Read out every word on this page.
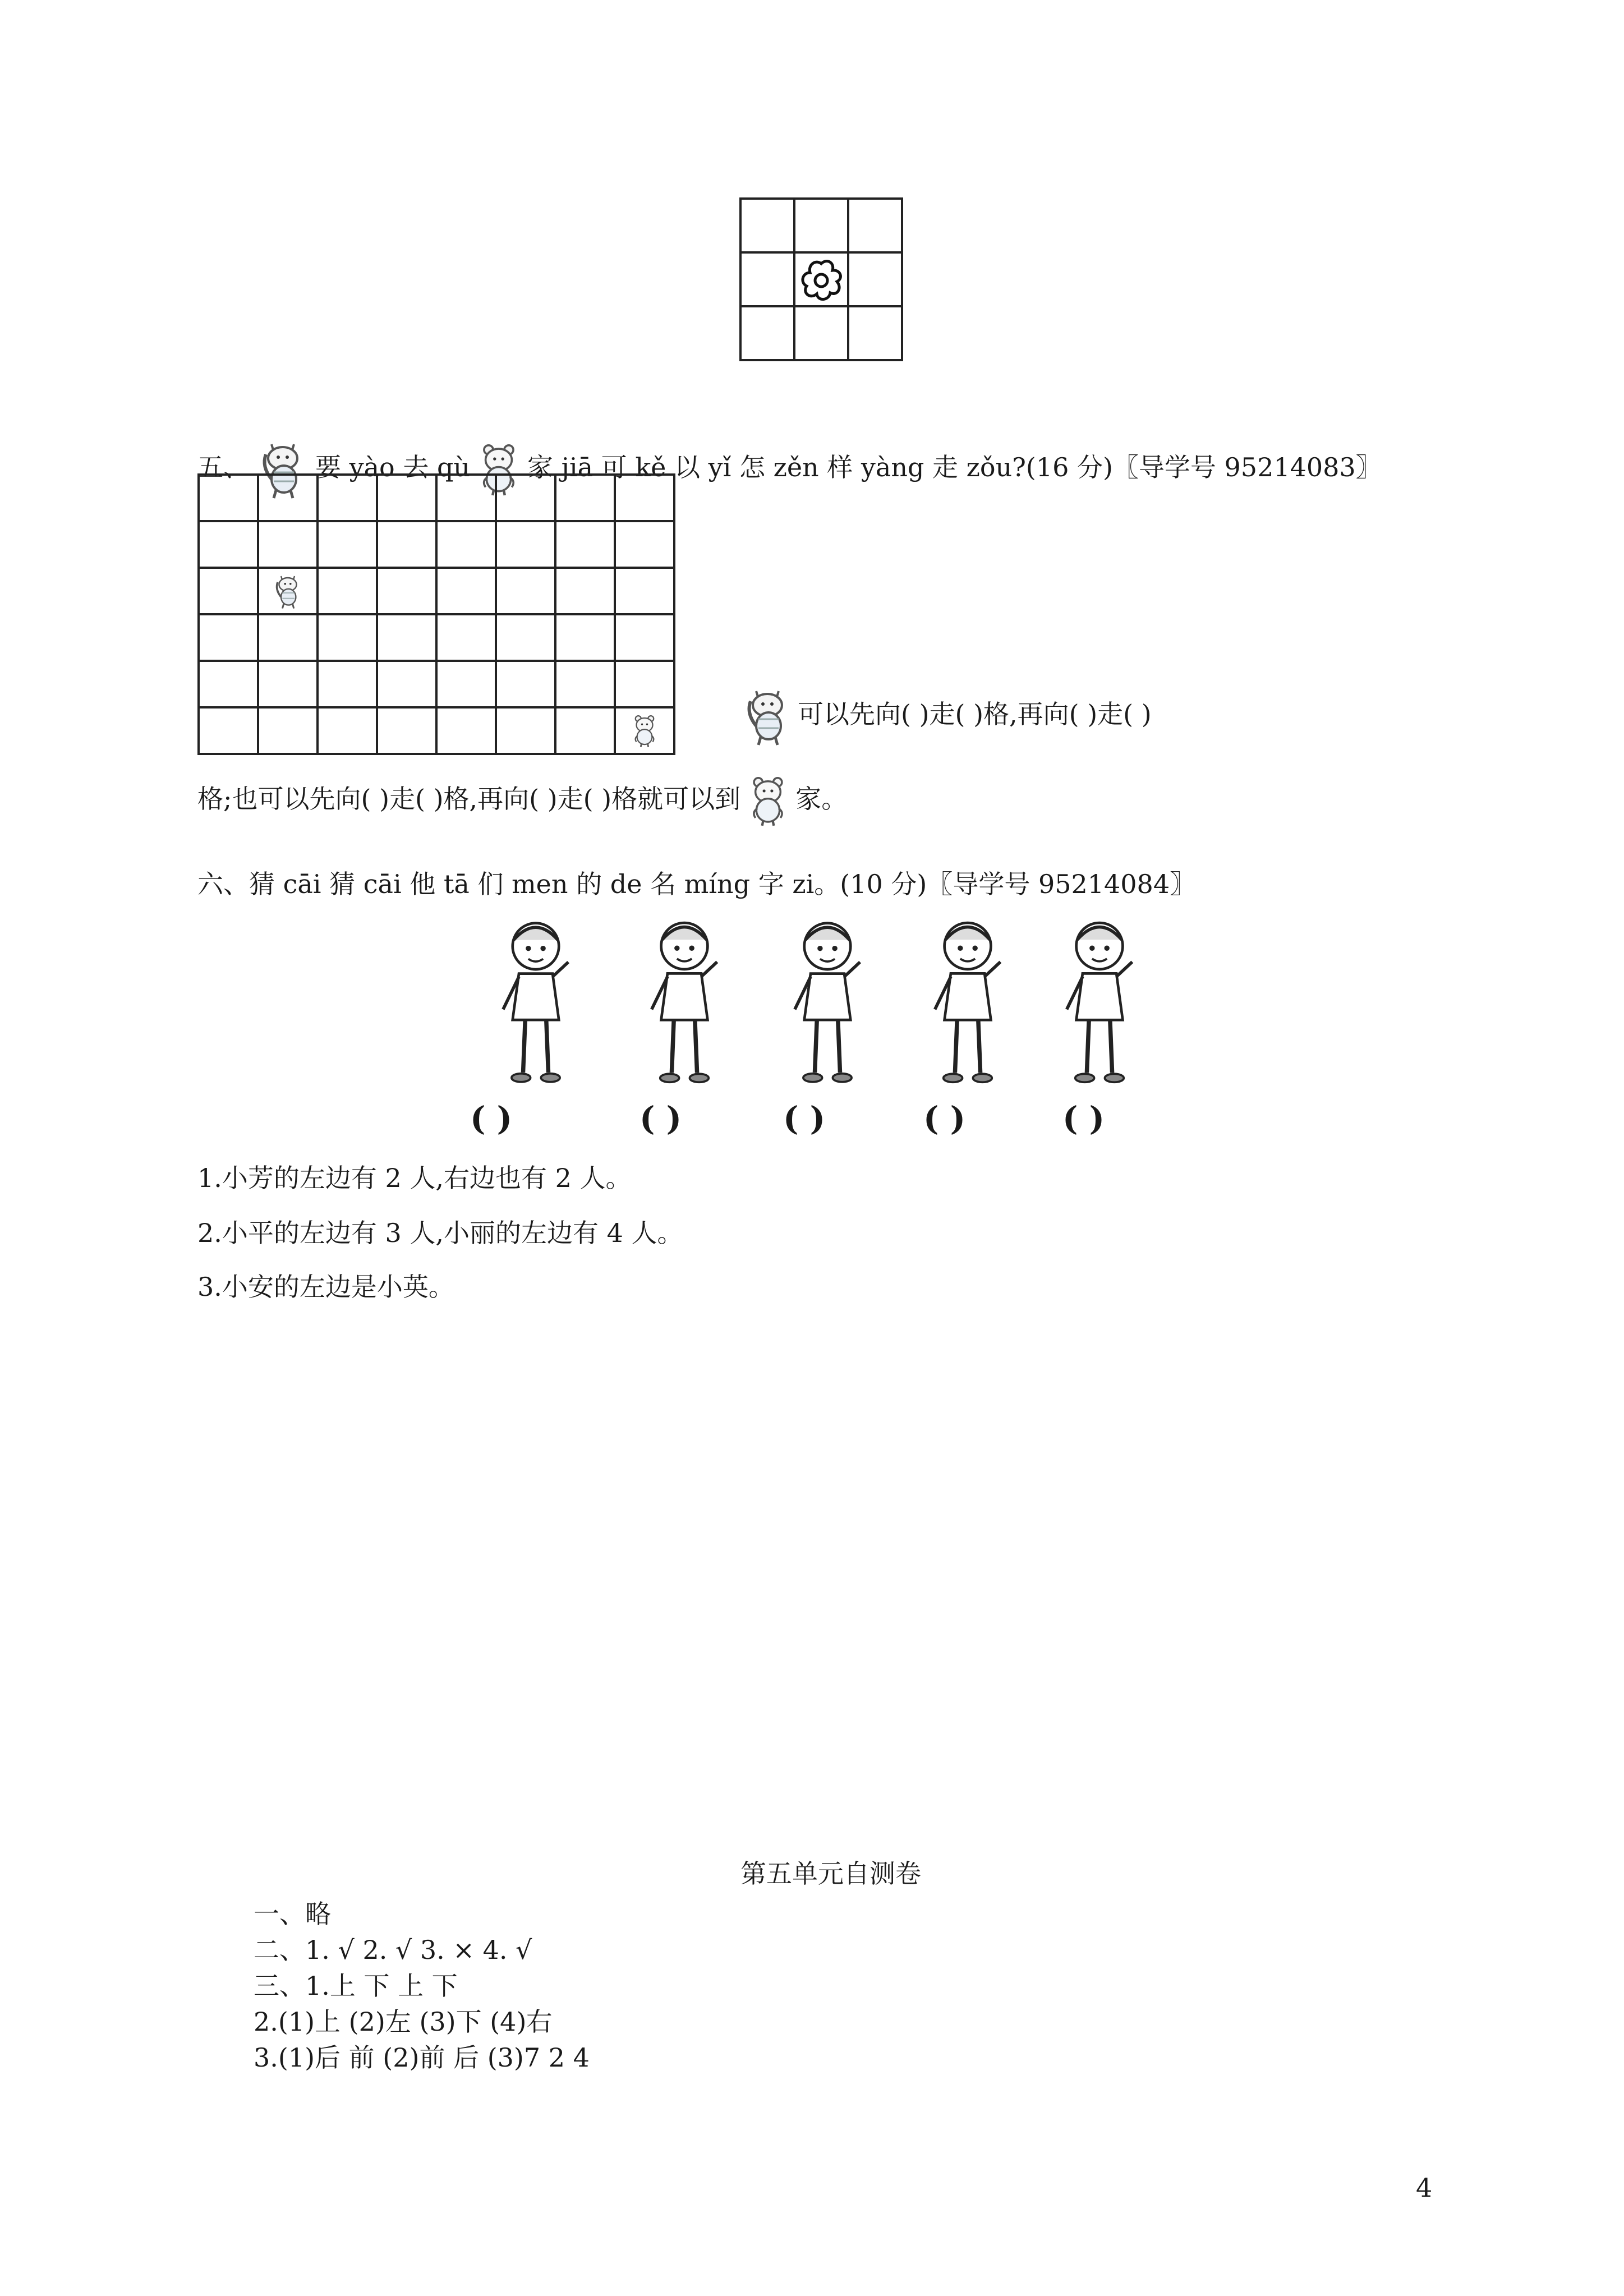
五、	要 yào 去 qù 家 jiā 可 kě 以 yǐ 怎 zěn 样 yàng 走 zǒu?(16 分)〖导学号 95214083〗

可以先向( )走( )格,再向( )走( )
格;也可以先向( )走( )格,再向( )走( )格就可以到 家。
六、猜 cāi 猜 cāi 他 tā 们 men 的 de 名 míng 字 zi。(10 分)〖导学号 95214084〗
( )	( )	( )	( )	( )
1.小芳的左边有 2 人,右边也有 2 人。
2.小平的左边有 3 人,小丽的左边有 4 人。
3.小安的左边是小英。
第五单元自测卷
一、略
二、1. √ 2. √ 3. × 4. √
三、1.上 下 上 下
2.(1)上 (2)左 (3)下 (4)右
3.(1)后 前 (2)前 后 (3)7 2 4
4
